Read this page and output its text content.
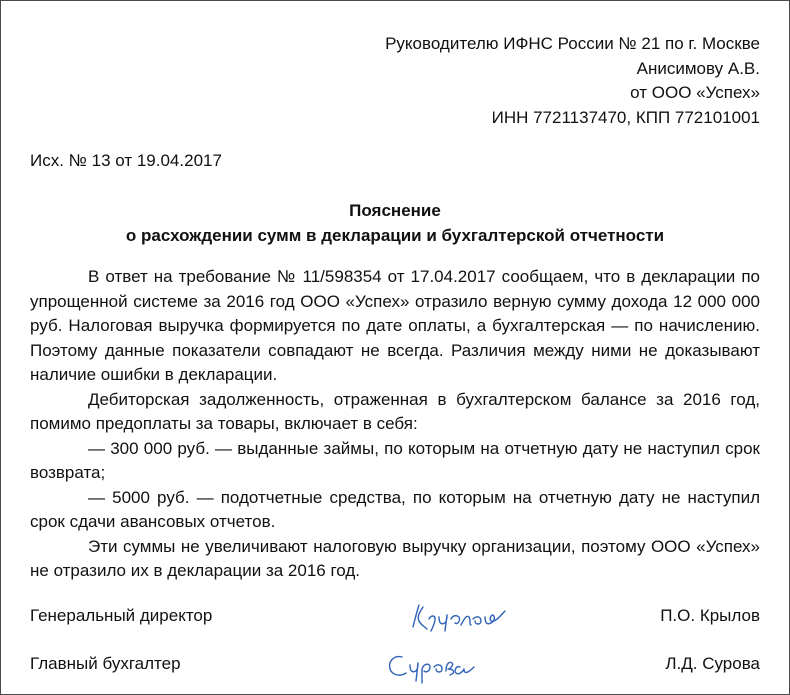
Руководителю ИФНС России № 21 по г. Москве
Анисимову А.В.
от ООО «Успех»
ИНН 7721137470, КПП 772101001
Исх. № 13 от 19.04.2017
Пояснение
о расхождении сумм в декларации и бухгалтерской отчетности

В ответ на требование № 11/598354 от 17.04.2017 сообщаем, что в декларации по упрощенной системе за 2016 год ООО «Успех» отразило верную сумму дохода 12 000 000 руб. Налоговая выручка формируется по дате оплаты, а бухгалтерская — по начислению. Поэтому данные показатели совпадают не всегда. Различия между ними не доказывают наличие ошибки в декларации.

Дебиторская задолженность, отраженная в бухгалтерском балансе за 2016 год, помимо предоплаты за товары, включает в себя:

— 300 000 руб. — выданные займы, по которым на отчетную дату не наступил срок возврата;

— 5000 руб. — подотчетные средства, по которым на отчетную дату не наступил срок сдачи авансовых отчетов.

Эти суммы не увеличивают налоговую выручку организации, поэтому ООО «Успех» не отразило их в декларации за 2016 год.

Генеральный директор	П.О. Крылов
Главный бухгалтер	Л.Д. Сурова
